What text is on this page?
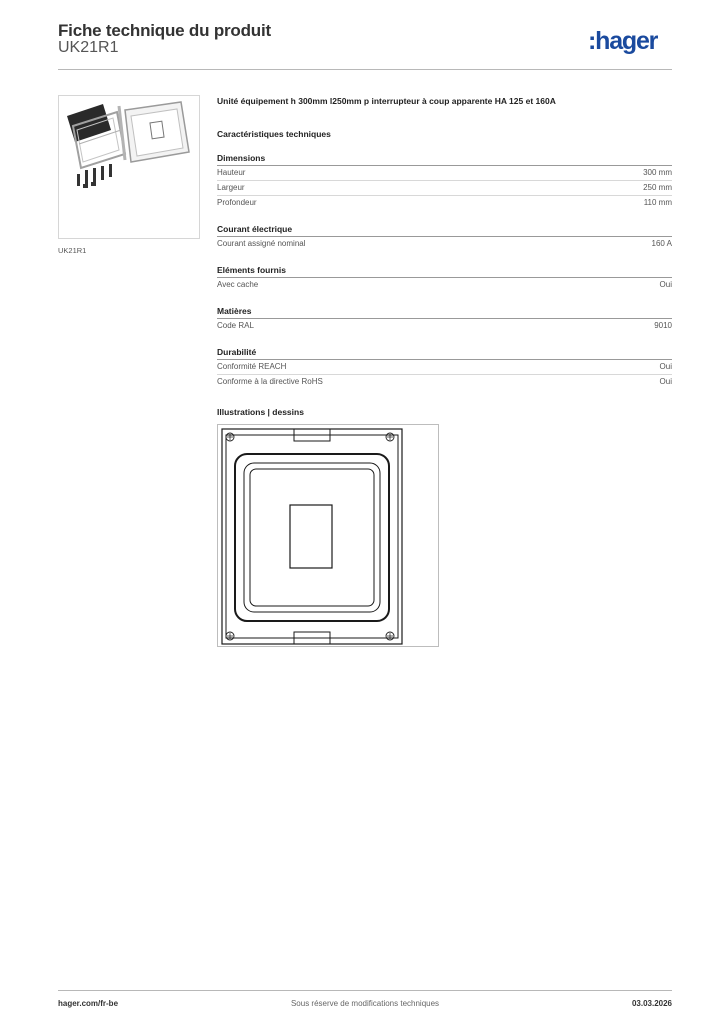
Fiche technique du produit
UK21R1	:hager
UK21R1
Unité équipement h 300mm l250mm p interrupteur à coup apparente HA 125 et 160A
Caractéristiques techniques
Dimensions
Hauteur	300 mm
Largeur	250 mm
Profondeur	110 mm
Courant électrique
Courant assigné nominal	160 A
Eléments fournis
Avec cache	Oui
Matières
Code RAL	9010
Durabilité
Conformité REACH	Oui
Conforme à la directive RoHS	Oui
Illustrations | dessins
hager.com/fr-be	Sous réserve de modifications techniques	03.03.2026
